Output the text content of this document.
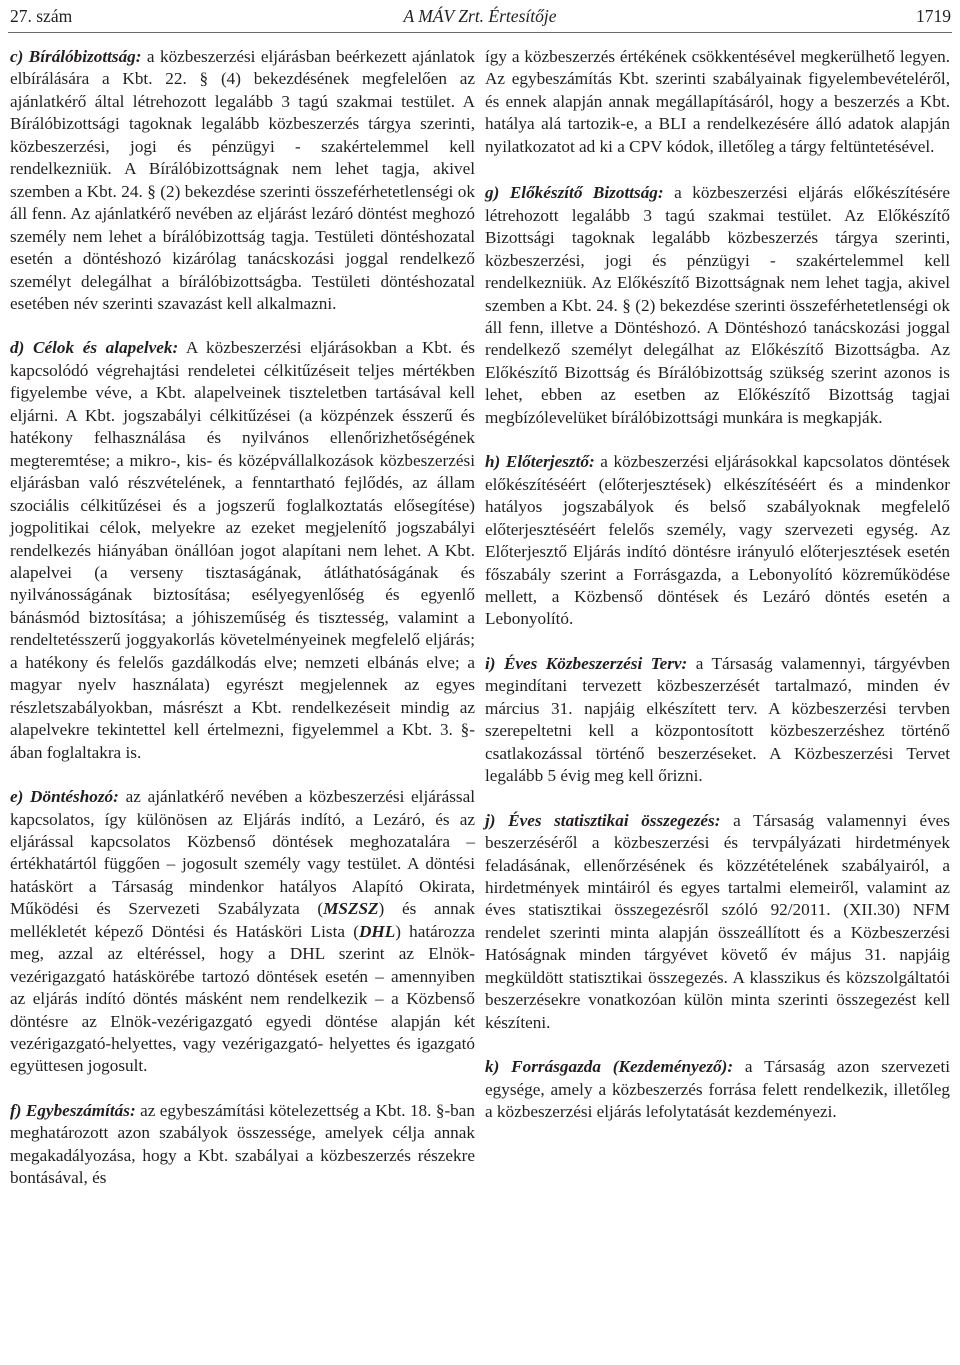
27. szám	A MÁV Zrt. Értesítője	1719

c) Bírálóbizottság: a közbeszerzési eljárásban beérkezett ajánlatok elbírálására a Kbt. 22. § (4) bekezdésének megfelelően az ajánlatkérő által létrehozott legalább 3 tagú szakmai testület. A Bírálóbizottsági tagoknak legalább közbeszerzés tárgya szerinti, közbeszerzési, jogi és pénzügyi - szakértelemmel kell rendelkezniük. A Bírálóbizottságnak nem lehet tagja, akivel szemben a Kbt. 24. § (2) bekezdése szerinti összeférhetetlenségi ok áll fenn. Az ajánlatkérő nevében az eljárást lezáró döntést meghozó személy nem lehet a bírálóbizottság tagja. Testületi döntéshozatal esetén a döntéshozó kizárólag tanácskozási joggal rendelkező személyt delegálhat a bírálóbizottságba. Testületi döntéshozatal esetében név szerinti szavazást kell alkalmazni.

d) Célok és alapelvek: A közbeszerzési eljárásokban a Kbt. és kapcsolódó végrehajtási rendeletei célkitűzéseit teljes mértékben figyelembe véve, a Kbt. alapelveinek tiszteletben tartásával kell eljárni. A Kbt. jogszabályi célkitűzései (a közpénzek ésszerű és hatékony felhasználása és nyilvános ellenőrizhetőségének megteremtése; a mikro-, kis- és középvállalkozások közbeszerzési eljárásban való részvételének, a fenntartható fejlődés, az állam szociális célkitűzései és a jogszerű foglalkoztatás elősegítése) jogpolitikai célok, melyekre az ezeket megjelenítő jogszabályi rendelkezés hiányában önállóan jogot alapítani nem lehet. A Kbt. alapelvei (a verseny tisztaságának, átláthatóságának és nyilvánosságának biztosítása; esélyegyenlőség és egyenlő bánásmód biztosítása; a jóhiszeműség és tisztesség, valamint a rendeltetésszerű joggyakorlás követelményeinek megfelelő eljárás; a hatékony és felelős gazdálkodás elve; nemzeti elbánás elve; a magyar nyelv használata) egyrészt megjelennek az egyes részletszabályokban, másrészt a Kbt. rendelkezéseit mindig az alapelvekre tekintettel kell értelmezni, figyelemmel a Kbt. 3. §-ában foglaltakra is.

e) Döntéshozó: az ajánlatkérő nevében a közbeszerzési eljárással kapcsolatos, így különösen az Eljárás indító, a Lezáró, és az eljárással kapcsolatos Közbenső döntések meghozatalára – értékhatártól függően – jogosult személy vagy testület. A döntési hatáskört a Társaság mindenkor hatályos Alapító Okirata, Működési és Szervezeti Szabályzata (MSZSZ) és annak mellékletét képező Döntési és Hatásköri Lista (DHL) határozza meg, azzal az eltéréssel, hogy a DHL szerint az Elnök-vezérigazgató hatáskörébe tartozó döntések esetén – amennyiben az eljárás indító döntés másként nem rendelkezik – a Közbenső döntésre az Elnök-vezérigazgató egyedi döntése alapján két vezérigazgató-helyettes, vagy vezérigazgató- helyettes és igazgató együttesen jogosult.

f) Egybeszámítás: az egybeszámítási kötelezettség a Kbt. 18. §-ban meghatározott azon szabályok összessége, amelyek célja annak megakadályozása, hogy a Kbt. szabályai a közbeszerzés részekre bontásával, és

így a közbeszerzés értékének csökkentésével megkerülhető legyen. Az egybeszámítás Kbt. szerinti szabályainak figyelembevételéről, és ennek alapján annak megállapításáról, hogy a beszerzés a Kbt. hatálya alá tartozik-e, a BLI a rendelkezésére álló adatok alapján nyilatkozatot ad ki a CPV kódok, illetőleg a tárgy feltüntetésével.

g) Előkészítő Bizottság: a közbeszerzési eljárás előkészítésére létrehozott legalább 3 tagú szakmai testület. Az Előkészítő Bizottsági tagoknak legalább közbeszerzés tárgya szerinti, közbeszerzési, jogi és pénzügyi - szakértelemmel kell rendelkezniük. Az Előkészítő Bizottságnak nem lehet tagja, akivel szemben a Kbt. 24. § (2) bekezdése szerinti összeférhetetlenségi ok áll fenn, illetve a Döntéshozó. A Döntéshozó tanácskozási joggal rendelkező személyt delegálhat az Előkészítő Bizottságba. Az Előkészítő Bizottság és Bírálóbizottság szükség szerint azonos is lehet, ebben az esetben az Előkészítő Bizottság tagjai megbízólevelüket bírálóbizottsági munkára is megkapják.

h) Előterjesztő: a közbeszerzési eljárásokkal kapcsolatos döntések előkészítéséért (előterjesztések) elkészítéséért és a mindenkor hatályos jogszabályok és belső szabályoknak megfelelő előterjesztéséért felelős személy, vagy szervezeti egység. Az Előterjesztő Eljárás indító döntésre irányuló előterjesztések esetén főszabály szerint a Forrásgazda, a Lebonyolító közreműködése mellett, a Közbenső döntések és Lezáró döntés esetén a Lebonyolító.

i) Éves Közbeszerzési Terv: a Társaság valamennyi, tárgyévben megindítani tervezett közbeszerzését tartalmazó, minden év március 31. napjáig elkészített terv. A közbeszerzési tervben szerepeltetni kell a központosított közbeszerzéshez történő csatlakozással történő beszerzéseket. A Közbeszerzési Tervet legalább 5 évig meg kell őrizni.

j) Éves statisztikai összegezés: a Társaság valamennyi éves beszerzéséről a közbeszerzési és tervpályázati hirdetmények feladásának, ellenőrzésének és közzétételének szabályairól, a hirdetmények mintáiról és egyes tartalmi elemeiről, valamint az éves statisztikai összegezésről szóló 92/2011. (XII.30) NFM rendelet szerinti minta alapján összeállított és a Közbeszerzési Hatóságnak minden tárgyévet követő év május 31. napjáig megküldött statisztikai összegezés. A klasszikus és közszolgáltatói beszerzésekre vonatkozóan külön minta szerinti összegezést kell készíteni.

k) Forrásgazda (Kezdeményező): a Társaság azon szervezeti egysége, amely a közbeszerzés forrása felett rendelkezik, illetőleg a közbeszerzési eljárás lefolytatását kezdeményezi.
